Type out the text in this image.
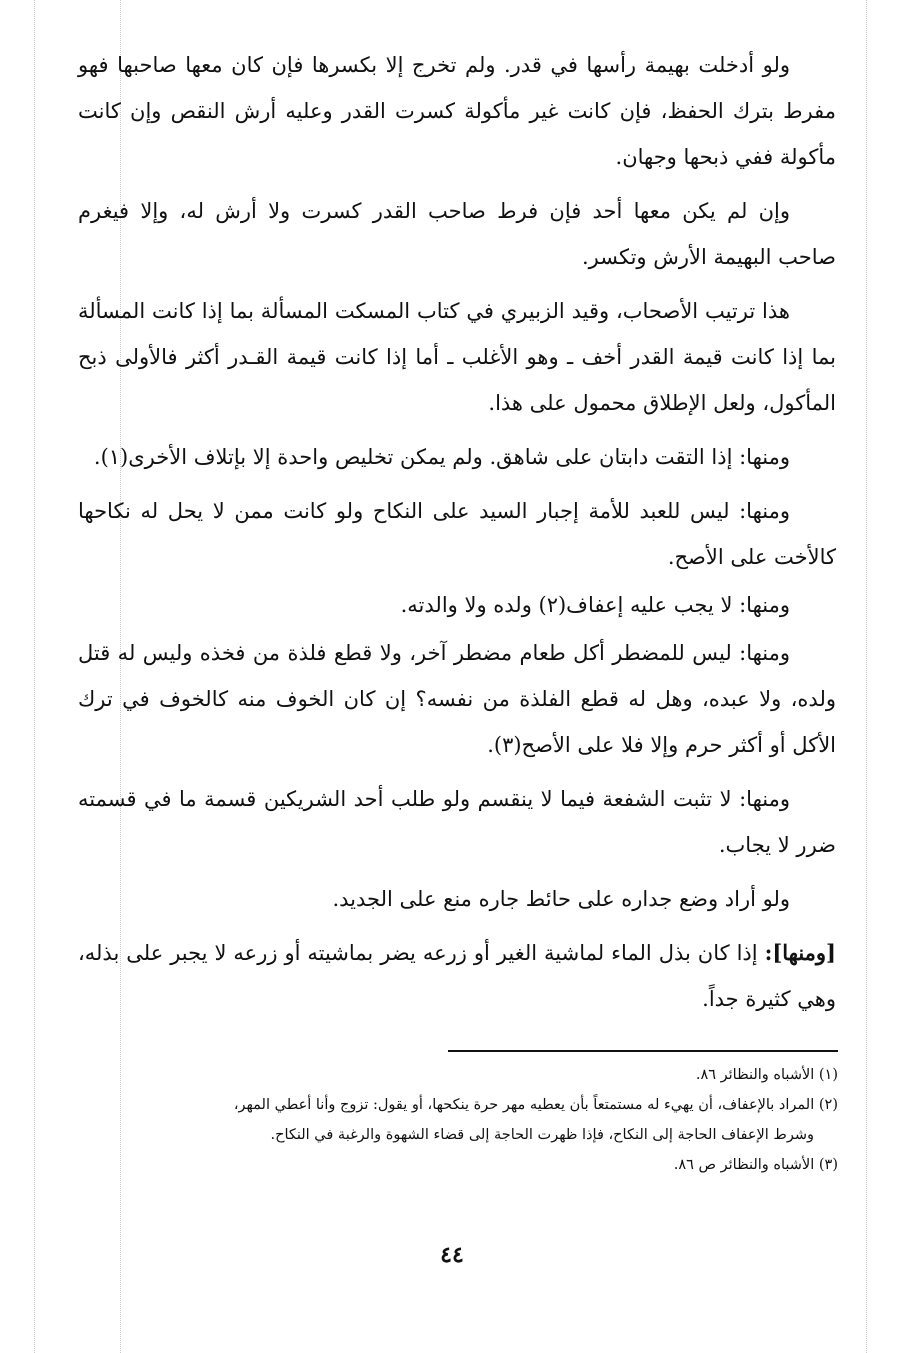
ولو أدخلت بهيمة رأسها في قدر. ولم تخرج إلا بكسرها فإن كان معها صاحبها فهو مفرط بترك الحفظ، فإن كانت غير مأكولة كسرت القدر وعليه أرش النقص وإن كانت مأكولة ففي ذبحها وجهان.

وإن لم يكن معها أحد فإن فرط صاحب القدر كسرت ولا أرش له، وإلا فيغرم صاحب البهيمة الأرش وتكسر.

هذا ترتيب الأصحاب، وقيد الزبيري في كتاب المسكت المسألة بما إذا كانت المسألة بما إذا كانت قيمة القدر أخف ـ وهو الأغلب ـ أما إذا كانت قيمة القـدر أكثر فالأولى ذبح المأكول، ولعل الإطلاق محمول على هذا.

ومنها: إذا التقت دابتان على شاهق. ولم يمكن تخليص واحدة إلا بإتلاف الأخرى(١).

ومنها: ليس للعبد للأمة إجبار السيد على النكاح ولو كانت ممن لا يحل له نكاحها كالأخت على الأصح.

ومنها: لا يجب عليه إعفاف(٢) ولده ولا والدته.

ومنها: ليس للمضطر أكل طعام مضطر آخر، ولا قطع فلذة من فخذه وليس له قتل ولده، ولا عبده، وهل له قطع الفلذة من نفسه؟ إن كان الخوف منه كالخوف في ترك الأكل أو أكثر حرم وإلا فلا على الأصح(٣).

ومنها: لا تثبت الشفعة فيما لا ينقسم ولو طلب أحد الشريكين قسمة ما في قسمته ضرر لا يجاب.

ولو أراد وضع جداره على حائط جاره منع على الجديد.

[ومنها]: إذا كان بذل الماء لماشية الغير أو زرعه يضر بماشيته أو زرعه لا يجبر على بذله، وهي كثيرة جداً.

(١) الأشباه والنظائر ٨٦.

(٢) المراد بالإعفاف، أن يهيء له مستمتعاً بأن يعطيه مهر حرة ينكحها، أو يقول: تزوج وأنا أعطي المهر،

وشرط الإعفاف الحاجة إلى النكاح، فإذا ظهرت الحاجة إلى قضاء الشهوة والرغبة في النكاح.

(٣) الأشباه والنظائر ص ٨٦.

٤٤
